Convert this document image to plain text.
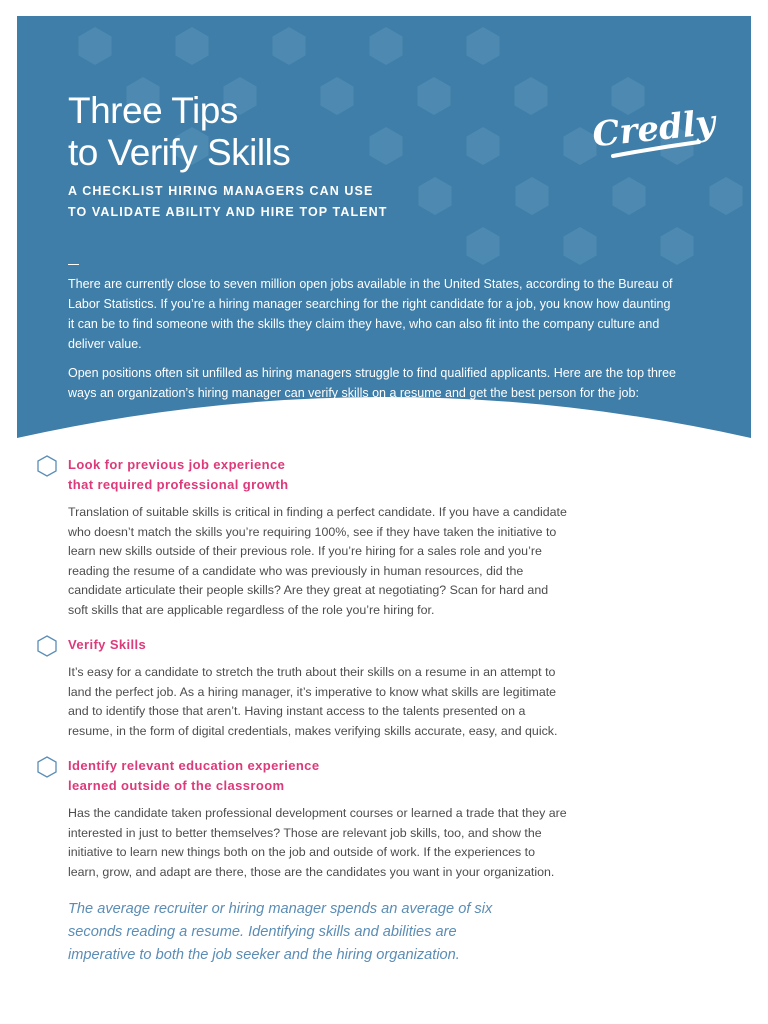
Three Tips
to Verify Skills
A CHECKLIST HIRING MANAGERS CAN USE
TO VALIDATE ABILITY AND HIRE TOP TALENT

There are currently close to seven million open jobs available in the United States, according to the Bureau of Labor Statistics. If you’re a hiring manager searching for the right candidate for a job, you know how daunting it can be to find someone with the skills they claim they have, who can also fit into the company culture and deliver value.

Open positions often sit unfilled as hiring managers struggle to find qualified applicants. Here are the top three ways an organization’s hiring manager can verify skills on a resume and get the best person for the job:

Credly
Look for previous job experience
that required professional growth

Translation of suitable skills is critical in finding a perfect candidate. If you have a candidate who doesn’t match the skills you’re requiring 100%, see if they have taken the initiative to learn new skills outside of their previous role. If you’re hiring for a sales role and you’re reading the resume of a candidate who was previously in human resources, did the candidate articulate their people skills? Are they great at negotiating? Scan for hard and soft skills that are applicable regardless of the role you’re hiring for.

Verify Skills

It’s easy for a candidate to stretch the truth about their skills on a resume in an attempt to land the perfect job. As a hiring manager, it’s imperative to know what skills are legitimate and to identify those that aren’t. Having instant access to the talents presented on a resume, in the form of digital credentials, makes verifying skills accurate, easy, and quick.

Identify relevant education experience
learned outside of the classroom

Has the candidate taken professional development courses or learned a trade that they are interested in just to better themselves? Those are relevant job skills, too, and show the initiative to learn new things both on the job and outside of work. If the experiences to learn, grow, and adapt are there, those are the candidates you want in your organization.

The average recruiter or hiring manager spends an average of six
seconds reading a resume. Identifying skills and abilities are
imperative to both the job seeker and the hiring organization.
